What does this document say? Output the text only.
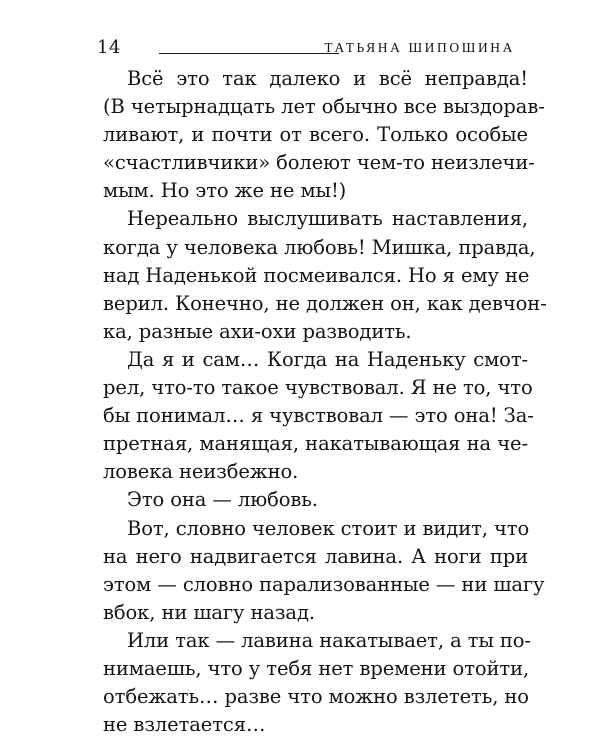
14	ТАТЬЯНА ШИПОШИНА
Всё это так далеко и всё неправда!
(В четырнадцать лет обычно все выздорав-
ливают, и почти от всего. Только особые
«счастливчики» болеют чем-то неизлечи-
мым. Но это же не мы!)
Нереально выслушивать наставления,
когда у человека любовь! Мишка, правда,
над Наденькой посмеивался. Но я ему не
верил. Конечно, не должен он, как девчон-
ка, разные ахи-охи разводить.
Да я и сам… Когда на Наденьку смот-
рел, что-то такое чувствовал. Я не то, что
бы понимал… я чувствовал — это она! За-
претная, манящая, накатывающая на че-
ловека неизбежно.
Это она — любовь.
Вот, словно человек стоит и видит, что
на него надвигается лавина. А ноги при
этом — словно парализованные — ни шагу
вбок, ни шагу назад.
Или так — лавина накатывает, а ты по-
нимаешь, что у тебя нет времени отойти,
отбежать… разве что можно взлететь, но
не взлетается…
